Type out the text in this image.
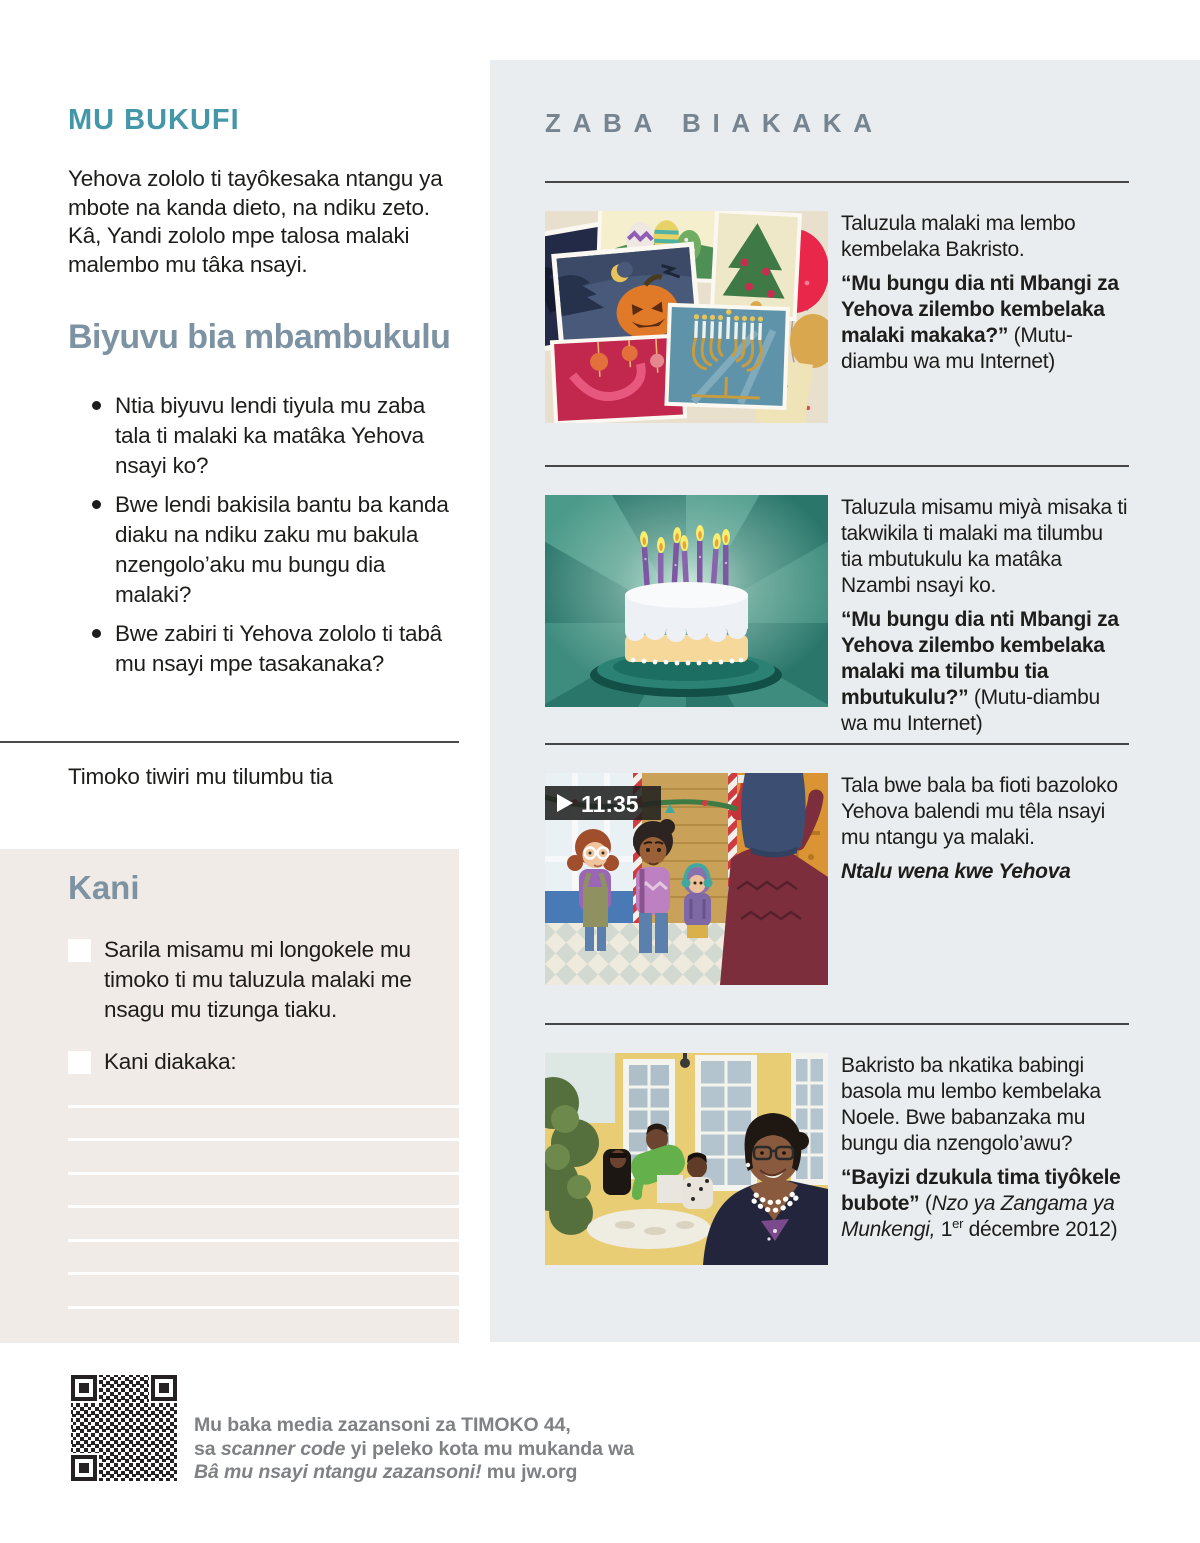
MU BUKUFI

Yehova zololo ti tayôkesaka ntangu ya mbote na kanda dieto, na ndiku zeto. Kâ, Yandi zololo mpe talosa malaki malembo mu tâka nsayi.

Biyuvu bia mbambukulu
Ntia biyuvu lendi tiyula mu zaba tala ti malaki ka matâka Yehova nsayi ko?
Bwe lendi bakisila bantu ba kanda diaku na ndiku zaku mu bakula nzengolo’aku mu bungu dia malaki?
Bwe zabiri ti Yehova zololo ti tabâ mu nsayi mpe tasakanaka?

Timoko tiwiri mu tilumbu tia

Kani
Sarila misamu mi longokele mu timoko ti mu taluzula malaki me nsagu mu tizunga tiaku.
Kani diakaka:
ZABA BIAKAKA

Taluzula malaki ma lembo kembelaka Bakristo.

“Mu bungu dia nti Mbangi za Yehova zilembo kembelaka malaki makaka?” (Mutu-diambu wa mu Internet)

Taluzula misamu miyà misaka ti takwikila ti malaki ma tilumbu tia mbutukulu ka matâka Nzambi nsayi ko.

“Mu bungu dia nti Mbangi za Yehova zilembo kembelaka malaki ma tilumbu tia mbutukulu?” (Mutu-diambu wa mu Internet)

11:35

Tala bwe bala ba fioti bazoloko Yehova balendi mu têla nsayi mu ntangu ya malaki.

Ntalu wena kwe Yehova

Bakristo ba nkatika babingi basola mu lembo kembelaka Noele. Bwe babanzaka mu bungu dia nzengolo’awu?

“Bayizi dzukula tima tiyôkele bubote” (Nzo ya Zangama ya Munkengi, 1er décembre 2012)

Mu baka media zazansoni za TIMOKO 44,
sa scanner code yi peleko kota mu mukanda wa
Bâ mu nsayi ntangu zazansoni! mu jw.org
